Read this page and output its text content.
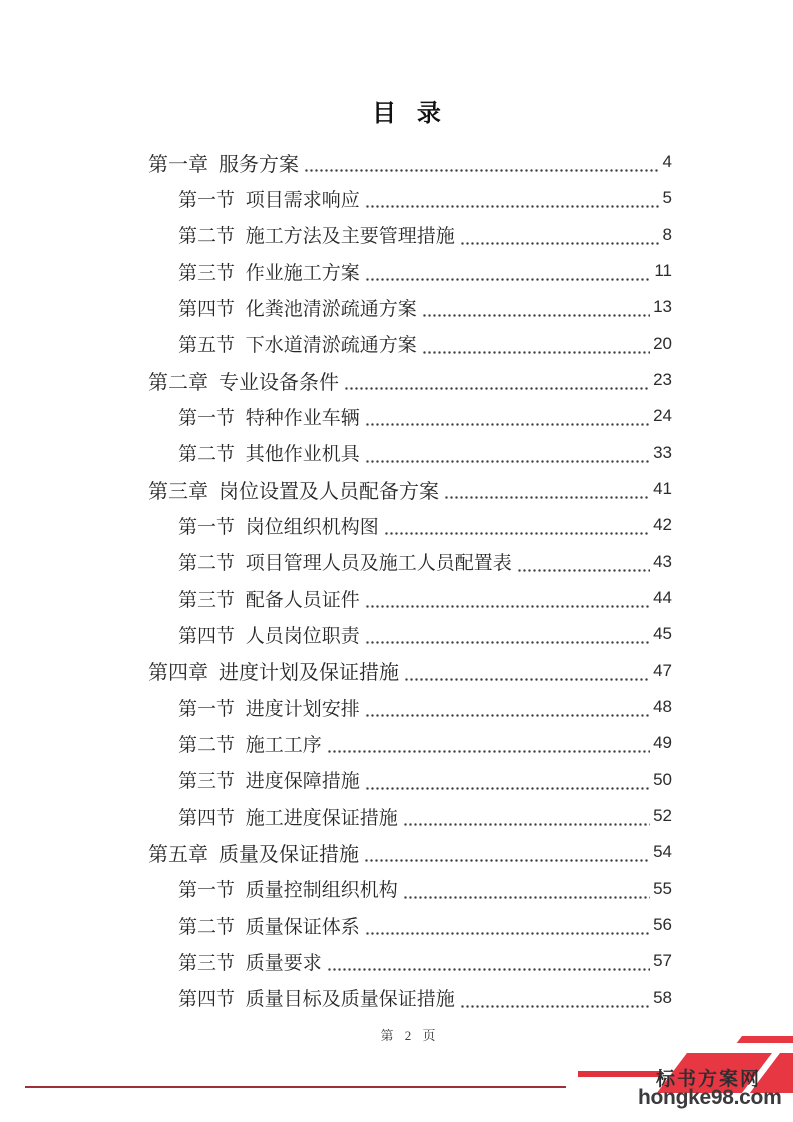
目 录
第一章 服务方案	4
第一节 项目需求响应	5
第二节 施工方法及主要管理措施	8
第三节 作业施工方案	11
第四节 化粪池清淤疏通方案	13
第五节 下水道清淤疏通方案	20
第二章 专业设备条件	23
第一节 特种作业车辆	24
第二节 其他作业机具	33
第三章 岗位设置及人员配备方案	41
第一节 岗位组织机构图	42
第二节 项目管理人员及施工人员配置表	43
第三节 配备人员证件	44
第四节 人员岗位职责	45
第四章 进度计划及保证措施	47
第一节 进度计划安排	48
第二节 施工工序	49
第三节 进度保障措施	50
第四节 施工进度保证措施	52
第五章 质量及保证措施	54
第一节 质量控制组织机构	55
第二节 质量保证体系	56
第三节 质量要求	57
第四节 质量目标及质量保证措施	58
第 2 页
标书方案网
hongke98.com
